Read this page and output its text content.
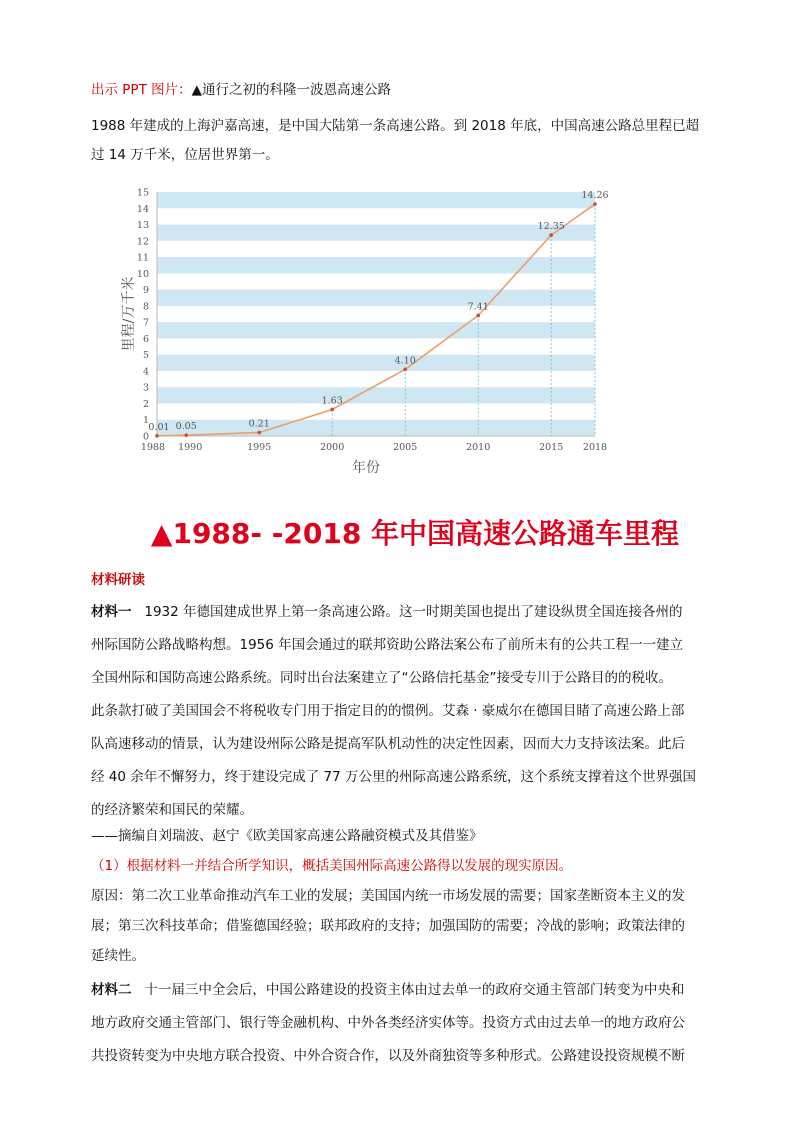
出示 PPT 图片：▲通行之初的科隆一波恩高速公路
1988 年建成的上海沪嘉高速，是中国大陆第一条高速公路。到 2018 年底，中国高速公路总里程已超
过 14 万千米，位居世界第一。
0
1
2
3
4
5
6
7
8
9
10
11
12
13
14
15
0.01 0.05	0.21
1.63
4.10
7.41
12.35
14.26
1988 1990	1995	2000	2005	2010	2015 2018
年份
里程/万千米
▲1988- -2018 年中国高速公路通车里程
材料研读
材料一 1932 年德国建成世界上第一条高速公路。这一时期美国也提出了建设纵贯全国连接各州的
州际国防公路战略构想。1956 年国会通过的联邦资助公路法案公布了前所未有的公共工程一一建立
全国州际和国防高速公路系统。同时出台法案建立了“公路信托基金”接受专川于公路目的的税收。
此条款打破了美国国会不将税收专门用于指定目的的惯例。艾森 · 豪威尔在德国目睹了高速公路上部
队高速移动的情景，认为建设州际公路是提高军队机动性的决定性因素，因而大力支持该法案。此后
经 40 余年不懈努力，终于建设完成了 77 万公里的州际高速公路系统，这个系统支撑着这个世界强国
的经济繁荣和国民的荣耀。
——摘编自刘瑞波、赵宁《欧美国家高速公路融资模式及其借鉴》
（1）根据材料一并结合所学知识，概括美国州际高速公路得以发展的现实原因。
原因：第二次工业革命推动汽车工业的发展；美国国内统一市场发展的需要；国家垄断资本主义的发
展；第三次科技革命；借鉴德国经验；联邦政府的支持；加强国防的需要；冷战的影响；政策法律的
延续性。
材料二 十一届三中全会后，中国公路建设的投资主体由过去单一的政府交通主管部门转变为中央和
地方政府交通主管部门、银行等金融机构、中外各类经济实体等。投资方式由过去单一的地方政府公
共投资转变为中央地方联合投资、中外合资合作，以及外商独资等多种形式。公路建设投资规模不断
